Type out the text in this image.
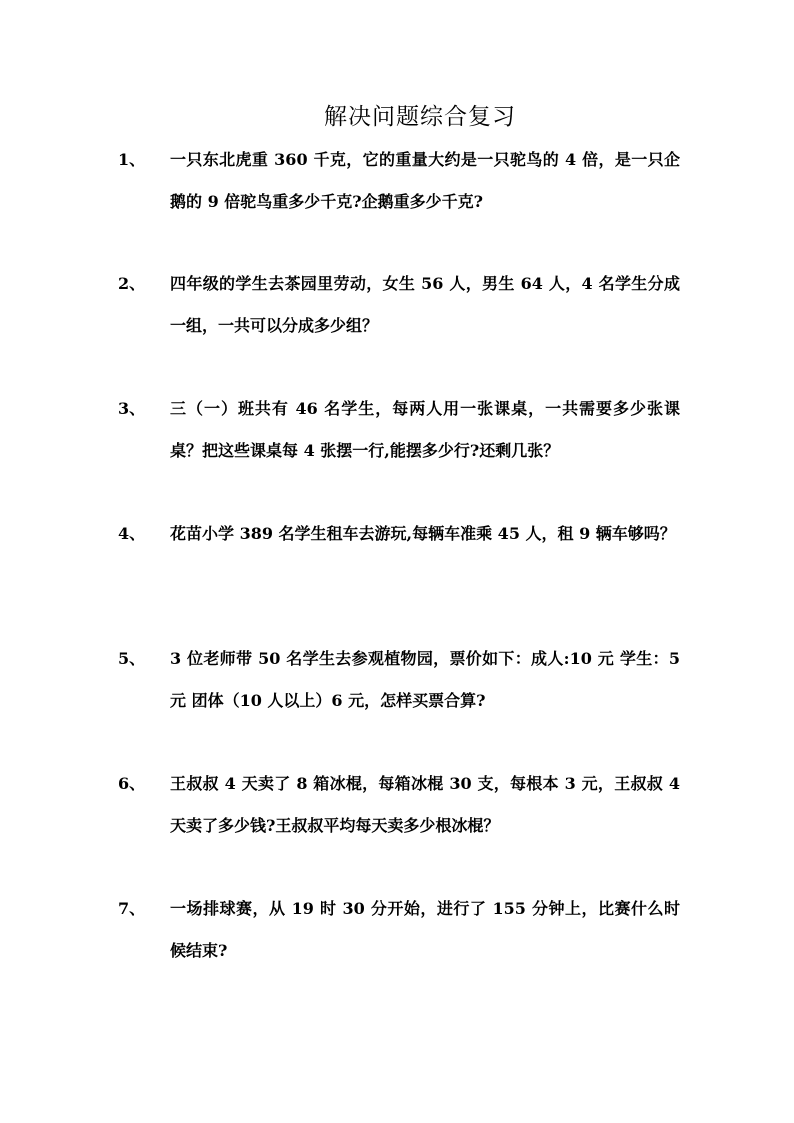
解决问题综合复习
1、 一只东北虎重 360 千克，它的重量大约是一只驼鸟的 4 倍，是一只企鹅的 9 倍驼鸟重多少千克?企鹅重多少千克?
2、 四年级的学生去茶园里劳动，女生 56 人，男生 64 人，4 名学生分成一组，一共可以分成多少组？
3、 三（一）班共有 46 名学生，每两人用一张课桌，一共需要多少张课桌？把这些课桌每 4 张摆一行,能摆多少行?还剩几张？
4、 花苗小学 389 名学生租车去游玩,每辆车准乘 45 人，租 9 辆车够吗？
5、 3 位老师带 50 名学生去参观植物园，票价如下：成人:10 元 学生：5 元 团体（10 人以上）6 元，怎样买票合算?
6、 王叔叔 4 天卖了 8 箱冰棍，每箱冰棍 30 支，每根本 3 元，王叔叔 4 天卖了多少钱?王叔叔平均每天卖多少根冰棍？
7、 一场排球赛，从 19 时 30 分开始，进行了 155 分钟上，比赛什么时候结束?
